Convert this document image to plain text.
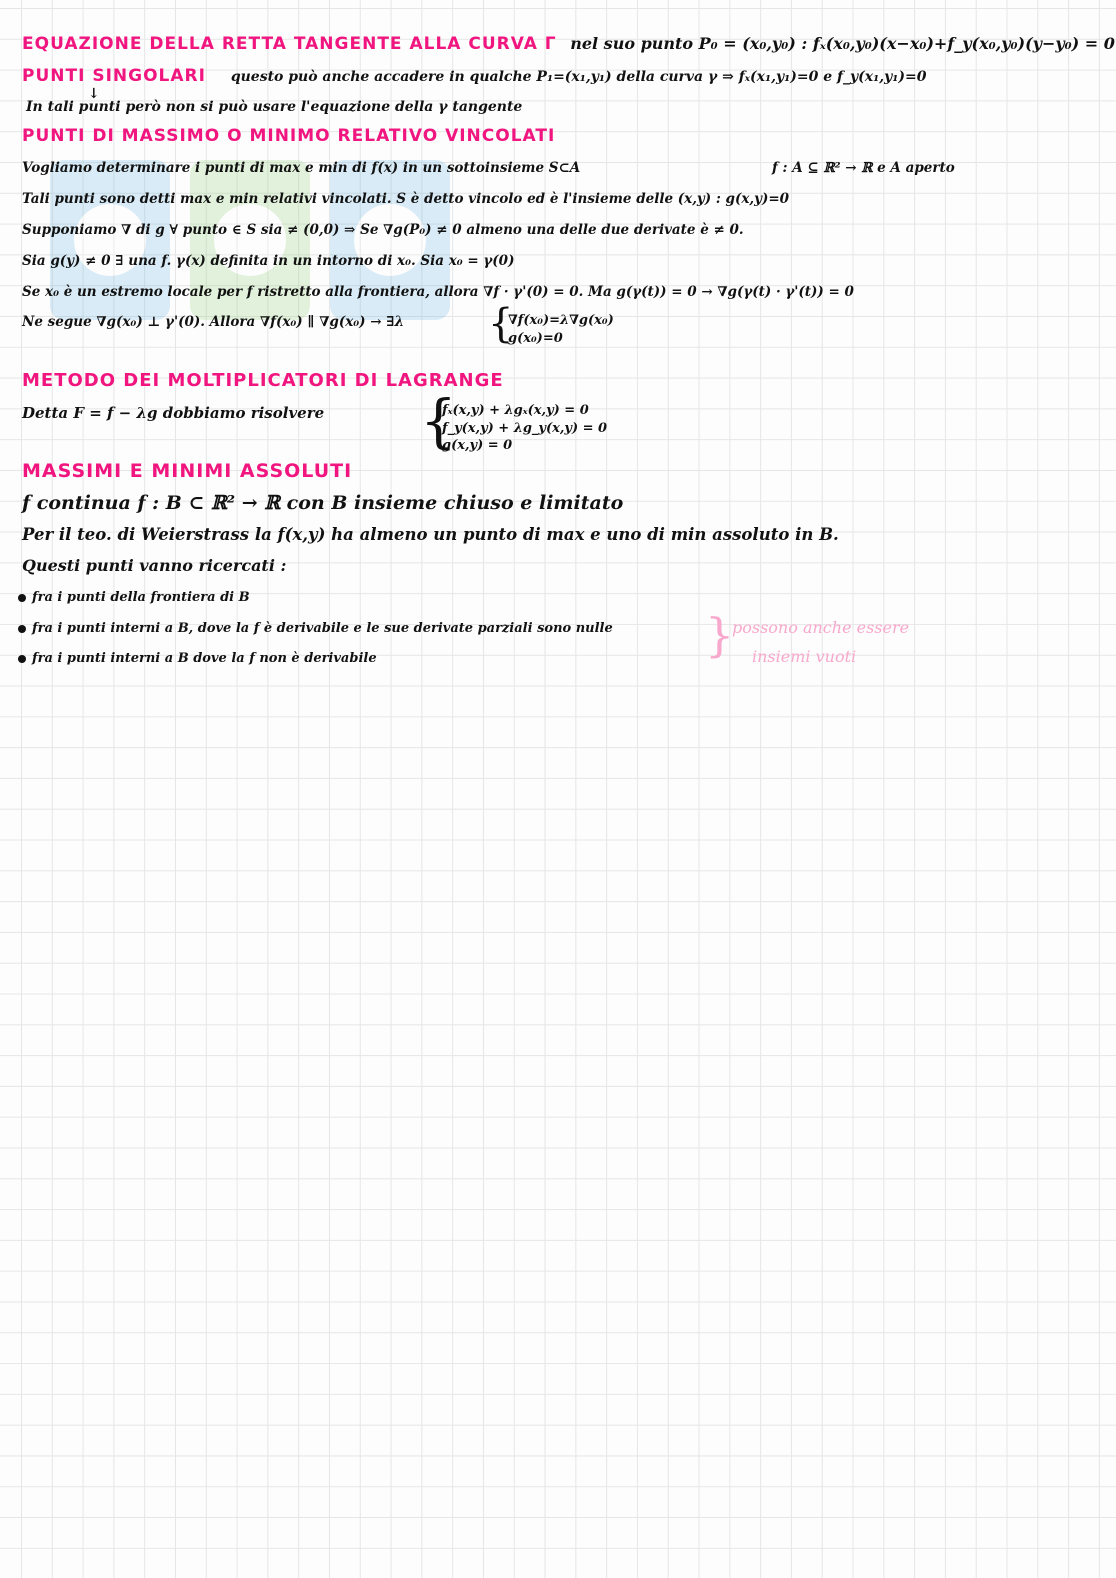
EQUAZIONE DELLA RETTA TANGENTE ALLA CURVA Γ nel suo punto P₀ = (x₀,y₀) : fₓ(x₀,y₀)(x−x₀)+f_y(x₀,y₀)(y−y₀) = 0
PUNTI SINGOLARI questo può anche accadere in qualche P₁=(x₁,y₁) della curva γ ⇒ fₓ(x₁,y₁)=0 e f_y(x₁,y₁)=0
↓
In tali punti però non si può usare l'equazione della γ tangente
PUNTI DI MASSIMO O MINIMO RELATIVO VINCOLATI
Vogliamo determinare i punti di max e min di f(x) in un sottoinsieme S⊂A	f : A ⊆ ℝ² → ℝ e A aperto
Tali punti sono detti max e min relativi vincolati. S è detto vincolo ed è l'insieme delle (x,y) : g(x,y)=0
Supponiamo ∇ di g ∀ punto ∈ S sia ≠ (0,0) ⇒ Se ∇g(P₀) ≠ 0 almeno una delle due derivate è ≠ 0.
Sia g(y) ≠ 0 ∃ una f. γ(x) definita in un intorno di x₀. Sia x₀ = γ(0)
Se x₀ è un estremo locale per f ristretto alla frontiera, allora ∇f · γ'(0) = 0. Ma g(γ(t)) = 0 → ∇g(γ(t) · γ'(t)) = 0
Ne segue ∇g(x₀) ⊥ γ'(0). Allora ∇f(x₀) ∥ ∇g(x₀) → ∃λ {
∇f(x₀)=λ∇g(x₀)
g(x₀)=0
METODO DEI MOLTIPLICATORI DI LAGRANGE
Detta F = f − λg dobbiamo risolvere {
fₓ(x,y) + λgₓ(x,y) = 0
f_y(x,y) + λg_y(x,y) = 0
g(x,y) = 0
MASSIMI E MINIMI ASSOLUTI
f continua f : B ⊂ ℝ² → ℝ con B insieme chiuso e limitato
Per il teo. di Weierstrass la f(x,y) ha almeno un punto di max e uno di min assoluto in B.
Questi punti vanno ricercati :
fra i punti della frontiera di B
fra i punti interni a B, dove la f è derivabile e le sue derivate parziali sono nulle
fra i punti interni a B dove la f non è derivabile	}
possono anche essere
insiemi vuoti
